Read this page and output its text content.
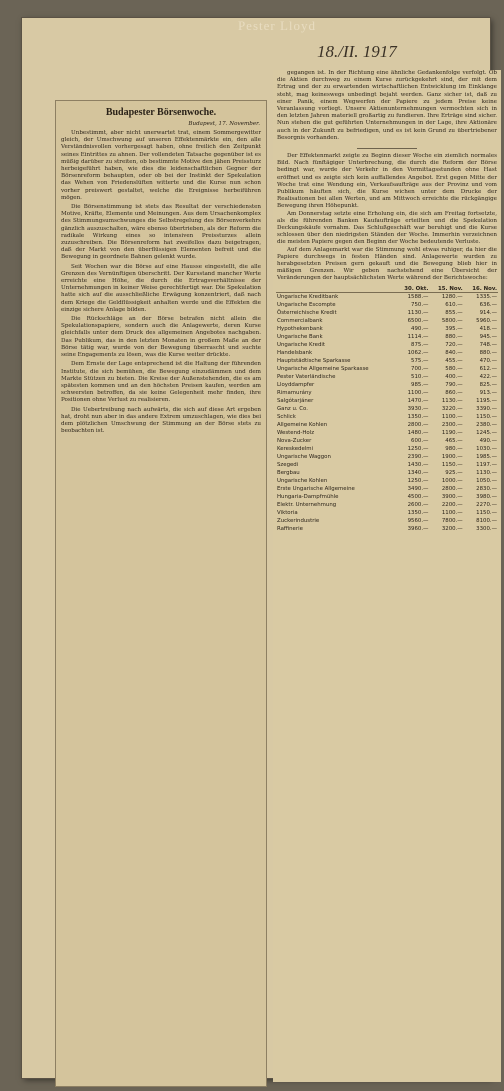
Pester Lloyd
18./II. 1917
Budapester Börsenwoche.
Budapest, 17. November.
Unbestimmt, aber nicht unerwartet trat, einem Sommergewitter gleich, der Umschwung auf unseren Effektenmärkte ein, den alle Verständnisvollen vorhergesagt haben, ohne freilich den Zeitpunkt seines Eintrittes zu ahnen. Der vollendeten Tatsache gegenüber ist es müßig darüber zu streiten, ob bestimmte Motive den jähen Preissturz herbeigeführt haben, wie dies die leidenschaftlichen Gegner der Börsenreform behaupten, oder ob bei der Instinkt der Spekulation das Wehen von Friedenslüften witterte und die Kurse nun schon vorher preiswert gestaltet, welche die Ereignisse herbeiführen mögen.
Die Börsenstimmung ist stets das Resultat der verschiedensten Motive, Kräfte, Elemente und Meinungen. Aus dem Ursachenkomplex des Stimmungsumschwunges die Selbstregelung des Börsenverkehrs gänzlich auszuschalten, wäre ebenso übertrieben, als der Reform die radikale Wirkung eines so intensiven Preissturzes allein zuzuschreiben. Die Börsenreform hat zweifellos dazu beigetragen, daß der Markt von den überflüssigen Elementen befreit und die Bewegung in geordnete Bahnen gelenkt wurde.
Seit Wochen war die Börse auf eine Hausse eingestellt, die alle Grenzen des Vernünftigen überschritt. Der Kursstand mancher Werte erreichte eine Höhe, die durch die Ertragsverhältnisse der Unternehmungen in keiner Weise gerechtfertigt war. Die Spekulation hatte sich auf die ausschließliche Erwägung konzentriert, daß nach dem Kriege die Geldflüssigkeit anhalten werde und die Effekten die einzige sichere Anlage bilden.
Die Rückschläge an der Börse betrafen nicht allein die Spekulationspapiere, sondern auch die Anlagewerte, deren Kurse gleichfalls unter dem Druck des allgemeinen Angebotes nachgaben. Das Publikum, das in den letzten Monaten in großem Maße an der Börse tätig war, wurde von der Bewegung überrascht und suchte seine Engagements zu lösen, was die Kurse weiter drückte.
Dem Ernste der Lage entsprechend ist die Haltung der führenden Institute, die sich bemühen, die Bewegung einzudämmen und dem Markte Stützen zu bieten. Die Kreise der Außenstehenden, die es am spätesten kommen und an den höchsten Preisen kaufen, werden am schwersten betroffen, da sie keine Gelegenheit mehr finden, ihre Positionen ohne Verlust zu realisieren.
Die Uebertreibung nach aufwärts, die sich auf diese Art ergeben hat, droht nun aber in das andere Extrem umzuschlagen, wie dies bei dem plötzlichen Umschwung der Stimmung an der Börse stets zu beobachten ist.
gegangen ist. In der Richtung eine ähnliche Gedankenfolge verfolgt. Ob die Aktien durchweg zu einem Kurse zurückgekehrt sind, der mit dem Ertrag und der zu erwartenden wirtschaftlichen Entwicklung im Einklange steht, mag keineswegs unbedingt bejaht werden. Ganz sicher ist, daß zu einer Panik, einem Wegwerfen der Papiere zu jedem Preise keine Veranlassung vorliegt. Unsere Aktienunternehmungen vermochten sich in den letzten Jahren materiell großartig zu fundieren. Ihre Erträge sind sicher. Nun stehen die gut geführten Unternehmungen in der Lage, ihre Aktionäre auch in der Zukunft zu befriedigen, und es ist kein Grund zu übertriebener Besorgnis vorhanden.
Der Effektenmarkt zeigte zu Beginn dieser Woche ein ziemlich normales Bild. Nach fünftägiger Unterbrechung, die durch die Reform der Börse bedingt war, wurde der Verkehr in den Vormittagsstunden ohne Hast eröffnet und es zeigte sich kein auffallendes Angebot. Erst gegen Mitte der Woche trat eine Wendung ein, Verkaufsaufträge aus der Provinz und vom Publikum häuften sich, die Kurse wichen unter dem Drucke der Realisationen bei allen Werten, und am Mittwoch erreichte die rückgängige Bewegung ihren Höhepunkt.
Am Donnerstag setzte eine Erholung ein, die sich am Freitag fortsetzte, als die führenden Banken Kaufaufträge erteilten und die Spekulation Deckungskäufe vornahm. Das Schlußgeschäft war beruhigt und die Kurse schlossen über den niedrigsten Ständen der Woche. Immerhin verzeichnen die meisten Papiere gegen den Beginn der Woche bedeutende Verluste.
Auf dem Anlagemarkt war die Stimmung wohl etwas ruhiger, da hier die Papiere durchwegs in festen Händen sind. Anlagewerte wurden zu herabgesetzten Preisen gern gekauft und die Bewegung blieb hier in mäßigen Grenzen. Wir geben nachstehend eine Übersicht der Veränderungen der hauptsächlichsten Werte während der Berichtswoche:
	30. Okt.	15. Nov.	16. Nov.
Ungarische Kreditbank	1588.—	1280.—	1335.—
Ungarische Escompte	750.—	610.—	636.—
Österreichische Kredit	1130.—	855.—	914.—
Commercialbank	6500.—	5800.—	5960.—
Hypothekenbank	490.—	395.—	418.—
Ungarische Bank	1114.—	880.—	945.—
Ungarische Kredit	875.—	720.—	748.—
Handelsbank	1062.—	840.—	880.—
Hauptstädtische Sparkasse	575.—	455.—	470.—
Ungarische Allgemeine Sparkasse	700.—	580.—	612.—
Pester Vaterländische	510.—	400.—	422.—
Lloyddampfer	985.—	790.—	825.—
Rimamurány	1100.—	860.—	913.—
Salgótarjáner	1470.—	1130.—	1195.—
Ganz u. Co.	3930.—	3220.—	3390.—
Schlick	1350.—	1100.—	1150.—
Allgemeine Kohlen	2800.—	2300.—	2380.—
Westend-Holz	1480.—	1190.—	1245.—
Nova-Zucker	600.—	465.—	490.—
Kereskedelmi	1250.—	980.—	1030.—
Ungarische Waggon	2390.—	1900.—	1985.—
Szegedi	1430.—	1150.—	1197.—
Bergbau	1340.—	925.—	1130.—
Ungarische Kohlen	1250.—	1000.—	1050.—
Erste Ungarische Allgemeine	3490.—	2800.—	2830.—
Hungaria-Dampfmühle	4500.—	3900.—	3980.—
Elektr. Unternehmung	2600.—	2200.—	2270.—
Viktoria	1350.—	1100.—	1150.—
Zuckerindustrie	9560.—	7800.—	8100.—
Raffinerie	3960.—	3200.—	3300.—
